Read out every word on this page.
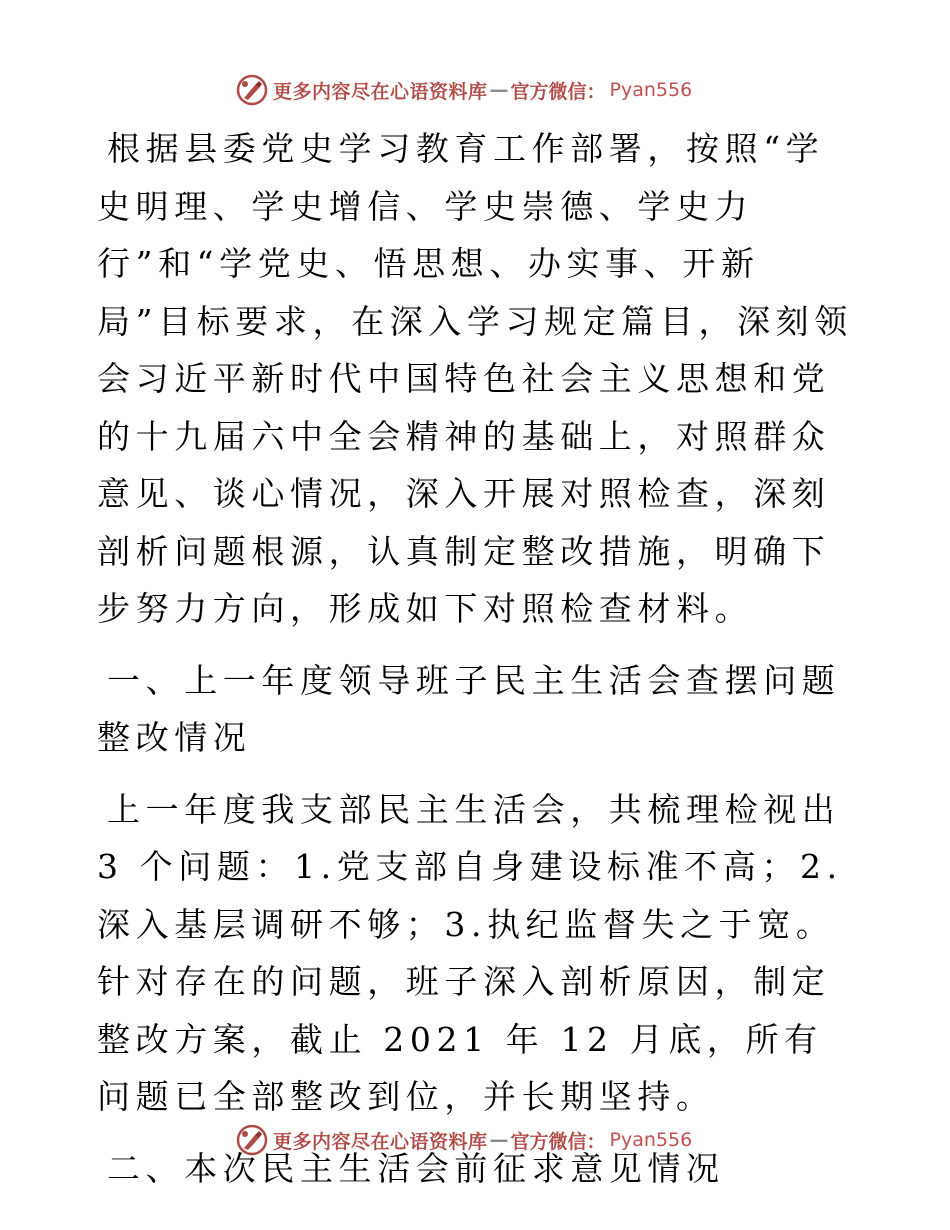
更多内容尽在心语资料库 — 官方微信： Pyan556

根据县委党史学习教育工作部署，按照“学史明理、学史增信、学史崇德、学史力行”和“学党史、悟思想、办实事、开新局”目标要求，在深入学习规定篇目，深刻领会习近平新时代中国特色社会主义思想和党的十九届六中全会精神的基础上，对照群众意见、谈心情况，深入开展对照检查，深刻剖析问题根源，认真制定整改措施，明确下步努力方向，形成如下对照检查材料。

一、上一年度领导班子民主生活会查摆问题整改情况

上一年度我支部民主生活会，共梳理检视出 3 个问题：1.党支部自身建设标准不高；2.深入基层调研不够；3.执纪监督失之于宽。针对存在的问题，班子深入剖析原因，制定整改方案，截止 2021 年 12 月底，所有问题已全部整改到位，并长期坚持。

二、本次民主生活会前征求意见情况

更多内容尽在心语资料库 — 官方微信： Pyan556
